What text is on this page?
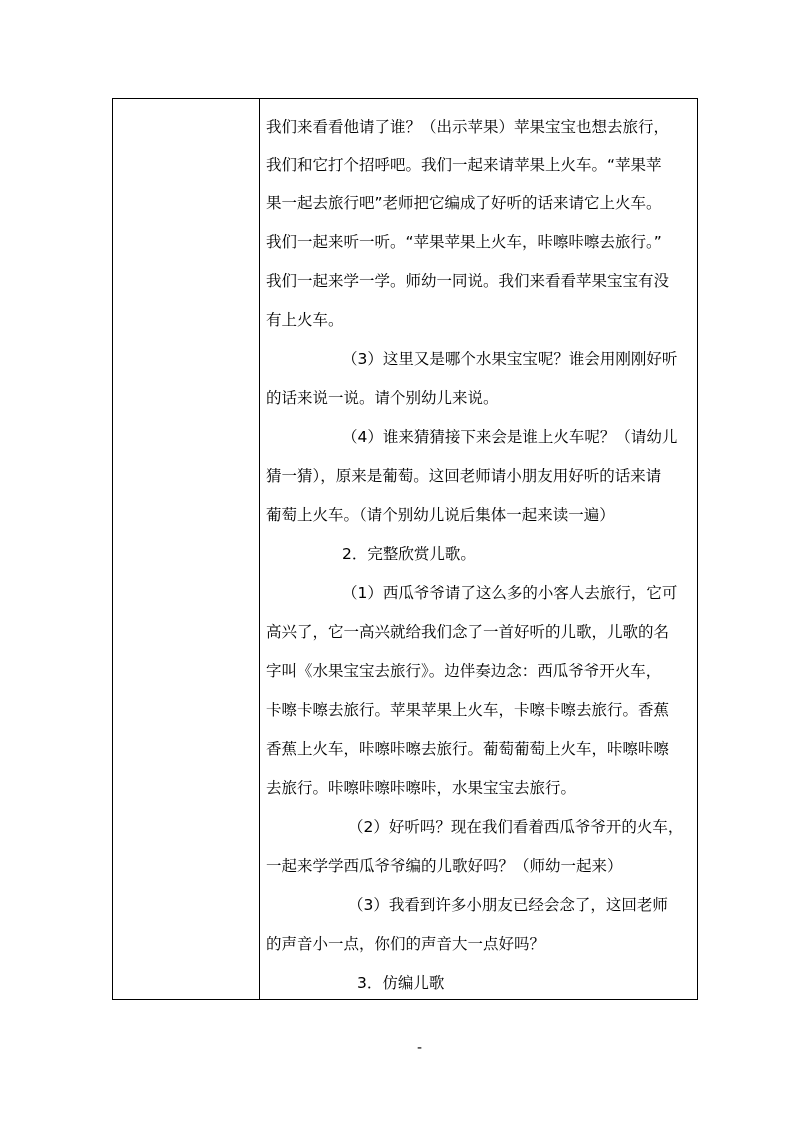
我们来看看他请了谁？（出示苹果）苹果宝宝也想去旅行，
我们和它打个招呼吧。我们一起来请苹果上火车。“苹果苹
果一起去旅行吧”老师把它编成了好听的话来请它上火车。
我们一起来听一听。“苹果苹果上火车，咔嚓咔嚓去旅行。”
我们一起来学一学。师幼一同说。我们来看看苹果宝宝有没
有上火车。
（3）这里又是哪个水果宝宝呢？谁会用刚刚好听
的话来说一说。请个别幼儿来说。
（4）谁来猜猜接下来会是谁上火车呢？（请幼儿
猜一猜），原来是葡萄。这回老师请小朋友用好听的话来请
葡萄上火车。（请个别幼儿说后集体一起来读一遍）
2．完整欣赏儿歌。
（1）西瓜爷爷请了这么多的小客人去旅行，它可
高兴了，它一高兴就给我们念了一首好听的儿歌，儿歌的名
字叫《水果宝宝去旅行》。边伴奏边念：西瓜爷爷开火车，
卡嚓卡嚓去旅行。苹果苹果上火车，卡嚓卡嚓去旅行。香蕉
香蕉上火车，咔嚓咔嚓去旅行。葡萄葡萄上火车，咔嚓咔嚓
去旅行。咔嚓咔嚓咔嚓咔，水果宝宝去旅行。
（2）好听吗？现在我们看着西瓜爷爷开的火车，
一起来学学西瓜爷爷编的儿歌好吗？（师幼一起来）
（3）我看到许多小朋友已经会念了，这回老师
的声音小一点，你们的声音大一点好吗？
3．仿编儿歌
-
